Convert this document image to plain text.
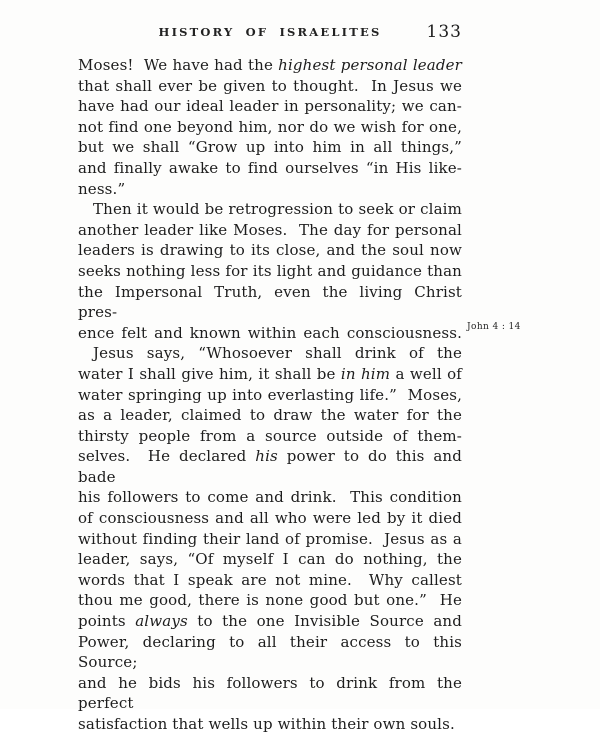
HISTORY OF ISRAELITES	133
Moses!  We have had the highest personal leader
that shall ever be given to thought.  In Jesus we
have had our ideal leader in personality; we can-
not find one beyond him, nor do we wish for one,
but we shall “Grow up into him in all things,”
and finally awake to find ourselves “in His like-
ness.”
Then it would be retrogression to seek or claim
another leader like Moses.  The day for personal
leaders is drawing to its close, and the soul now
seeks nothing less for its light and guidance than
the Impersonal Truth, even the living Christ pres-
ence felt and known within each consciousness.
Jesus says, “Whosoever shall drink of the
water I shall give him, it shall be in him a well of
water springing up into everlasting life.”  Moses,
as a leader, claimed to draw the water for the
thirsty people from a source outside of them-
selves.  He declared his power to do this and bade
his followers to come and drink.  This condition
of consciousness and all who were led by it died
without finding their land of promise.  Jesus as a
leader, says, “Of myself I can do nothing, the
words that I speak are not mine.  Why callest
thou me good, there is none good but one.”  He
points always to the one Invisible Source and
Power, declaring to all their access to this Source;
and he bids his followers to drink from the perfect
satisfaction that wells up within their own souls.
John 4 : 14
